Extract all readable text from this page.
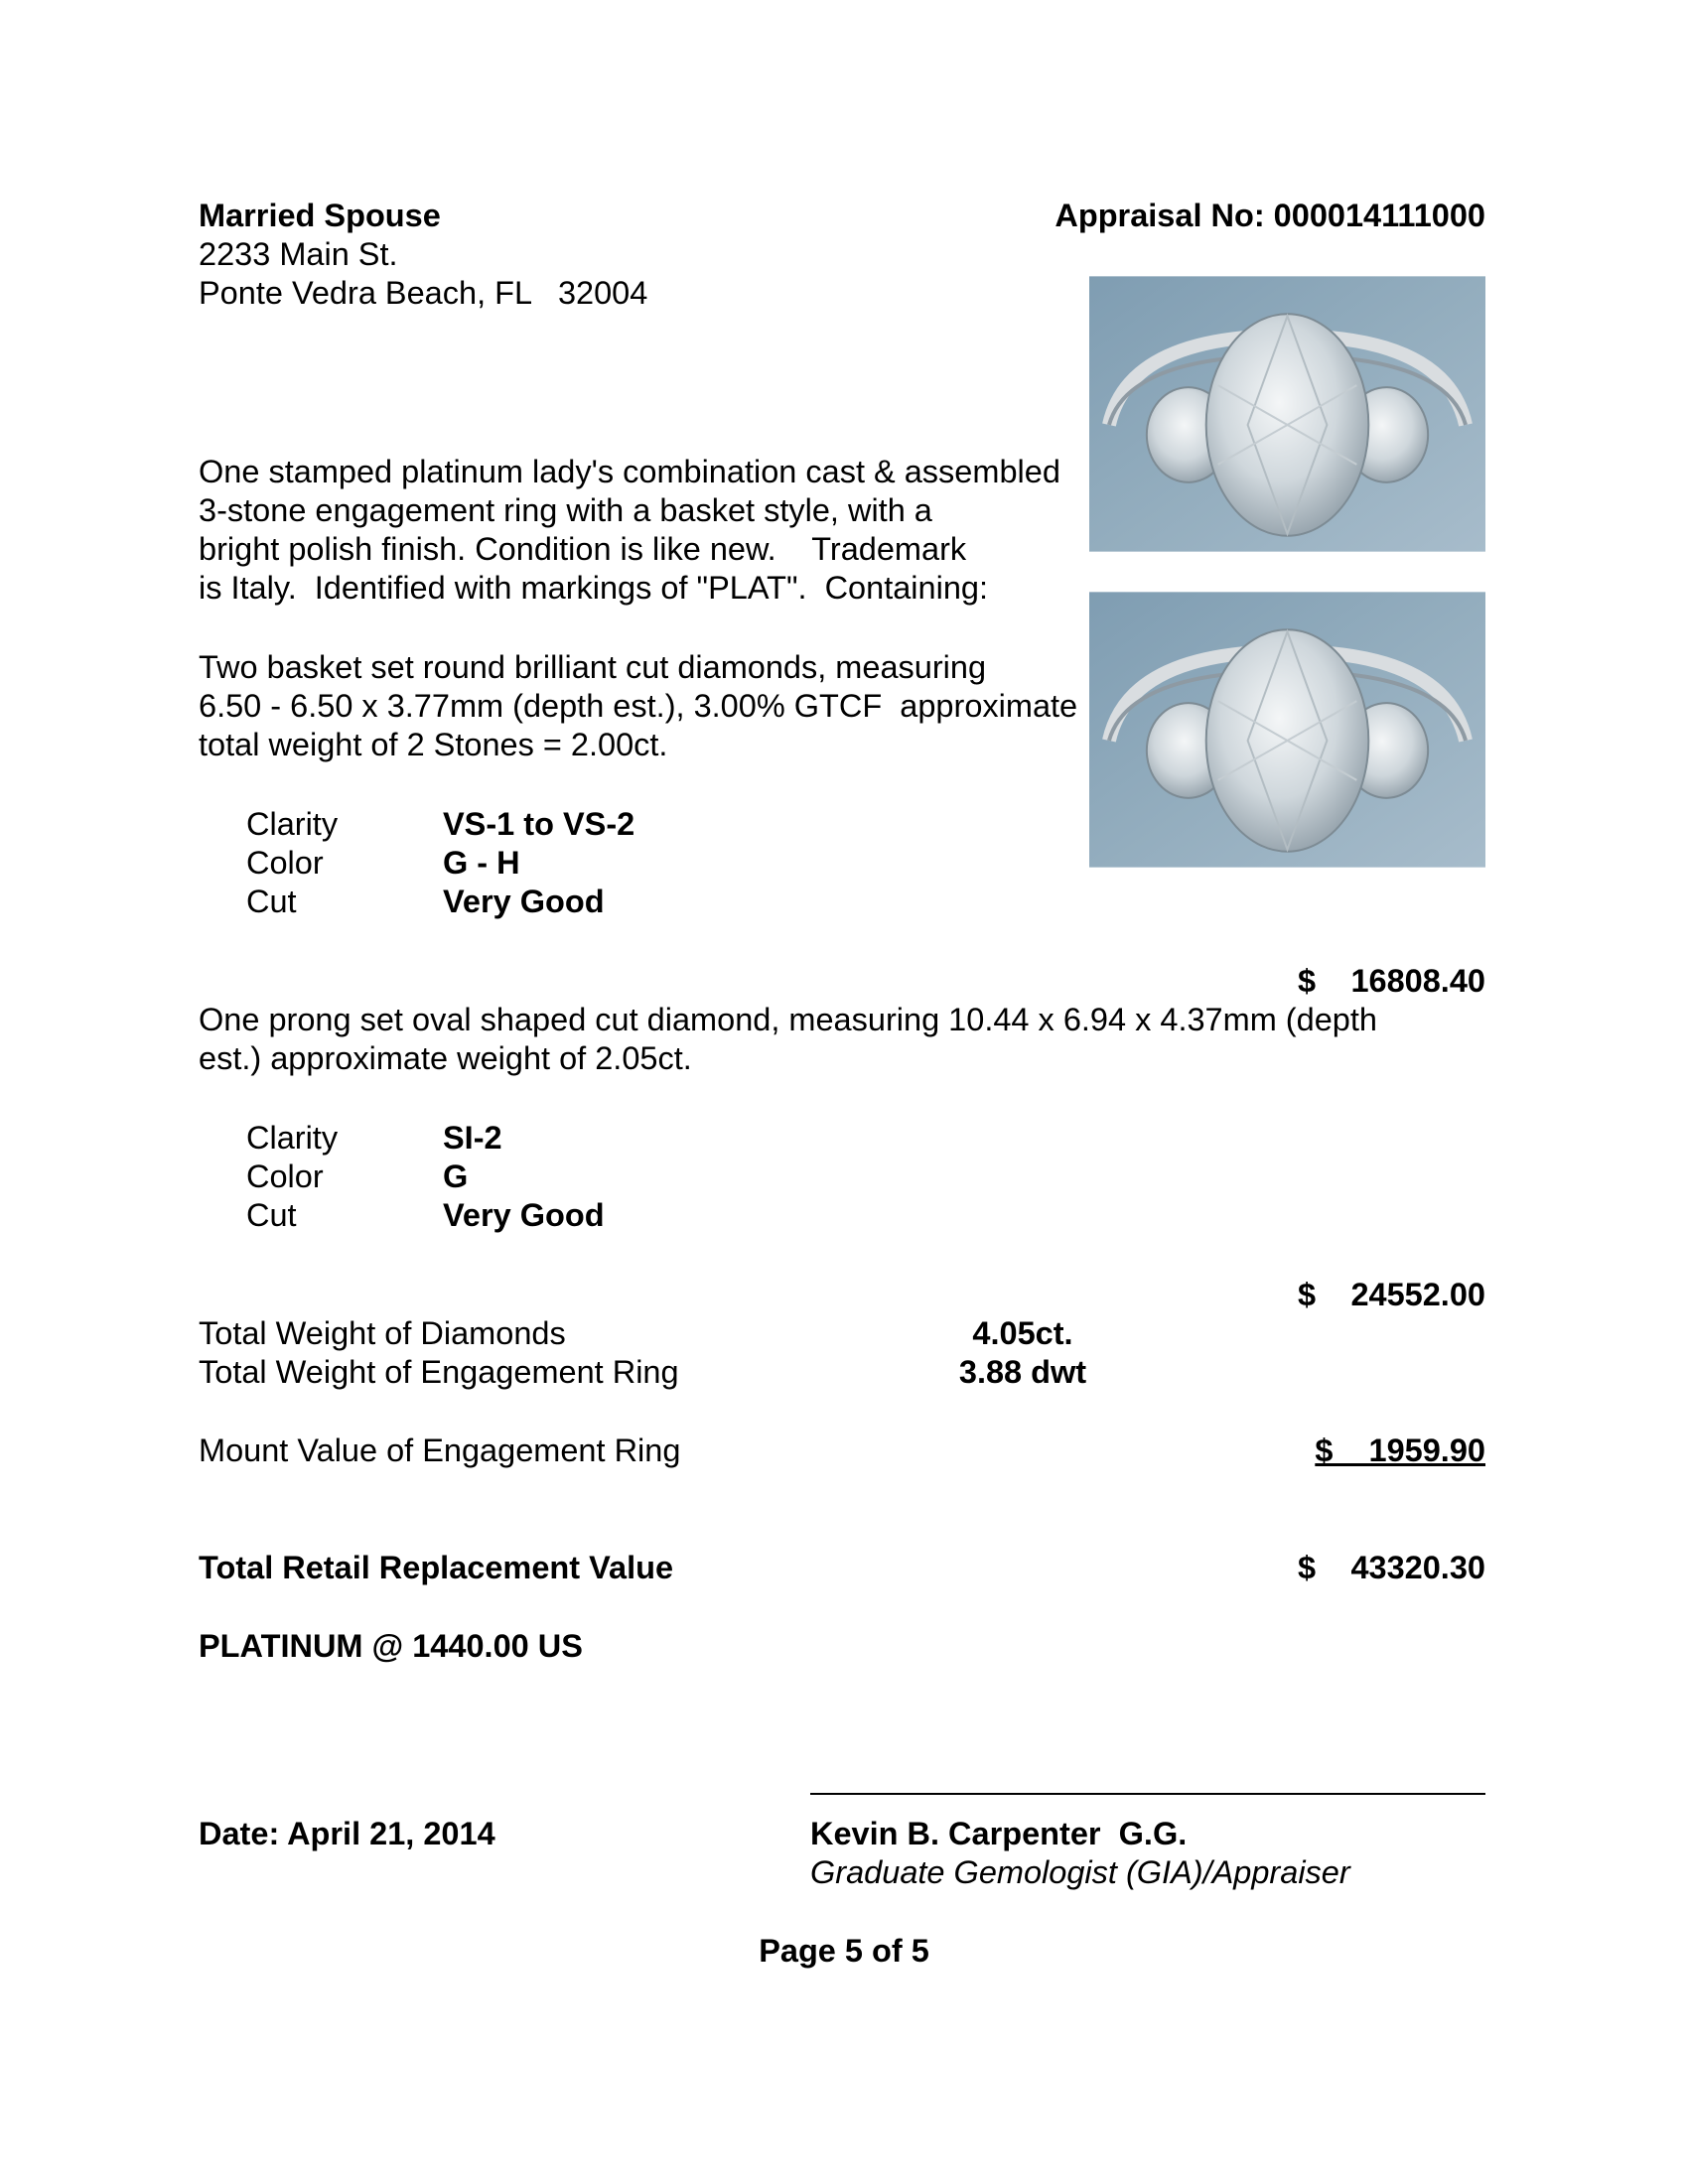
Married Spouse
2233 Main St.
Ponte Vedra Beach, FL   32004
Appraisal No: 000014111000
One stamped platinum lady's combination cast & assembled
3-stone engagement ring with a basket style, with a
bright polish finish. Condition is like new.    Trademark
is Italy.  Identified with markings of "PLAT".  Containing:
Two basket set round brilliant cut diamonds, measuring
6.50 - 6.50 x 3.77mm (depth est.), 3.00% GTCF  approximate
total weight of 2 Stones = 2.00ct.
Clarity	VS-1 to VS-2
Color	G - H
Cut	Very Good
$	16808.40
One prong set oval shaped cut diamond, measuring 10.44 x 6.94 x 4.37mm (depth
est.) approximate weight of 2.05ct.
Clarity	SI-2
Color	G
Cut	Very Good
$	24552.00
Total Weight of Diamonds	4.05ct.
Total Weight of Engagement Ring	3.88 dwt
Mount Value of Engagement Ring	$    1959.90
Total Retail Replacement Value	$	43320.30
PLATINUM @ 1440.00 US
Date: April 21, 2014	Kevin B. Carpenter  G.G.
Graduate Gemologist (GIA)/Appraiser
Page 5 of 5
